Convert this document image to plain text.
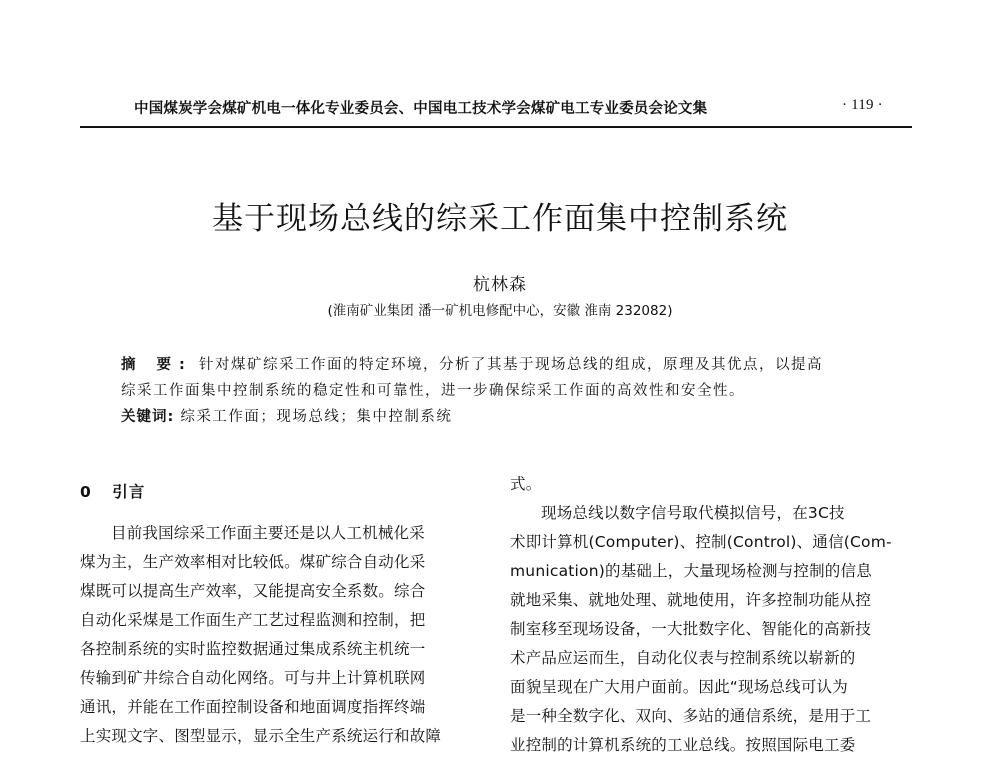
中国煤炭学会煤矿机电一体化专业委员会、中国电工技术学会煤矿电工专业委员会论文集	· 119 ·
基于现场总线的综采工作面集中控制系统
杭林森
(淮南矿业集团 潘一矿机电修配中心，安徽 淮南 232082)
摘 要: 针对煤矿综采工作面的特定环境，分析了其基于现场总线的组成，原理及其优点，以提高
综采工作面集中控制系统的稳定性和可靠性，进一步确保综采工作面的高效性和安全性。
关键词: 综采工作面；现场总线；集中控制系统
0 引言
目前我国综采工作面主要还是以人工机械化采
煤为主，生产效率相对比较低。煤矿综合自动化采
煤既可以提高生产效率，又能提高安全系数。综合
自动化采煤是工作面生产工艺过程监测和控制，把
各控制系统的实时监控数据通过集成系统主机统一
传输到矿井综合自动化网络。可与井上计算机联网
通讯，并能在工作面控制设备和地面调度指挥终端
上实现文字、图型显示，显示全生产系统运行和故障
式。
现场总线以数字信号取代模拟信号，在3C技
术即计算机(Computer)、控制(Control)、通信(Com-
munication)的基础上，大量现场检测与控制的信息
就地采集、就地处理、就地使用，许多控制功能从控
制室移至现场设备，一大批数字化、智能化的高新技
术产品应运而生，自动化仪表与控制系统以崭新的
面貌呈现在广大用户面前。因此“现场总线可认为
是一种全数字化、双向、多站的通信系统，是用于工
业控制的计算机系统的工业总线。按照国际电工委
